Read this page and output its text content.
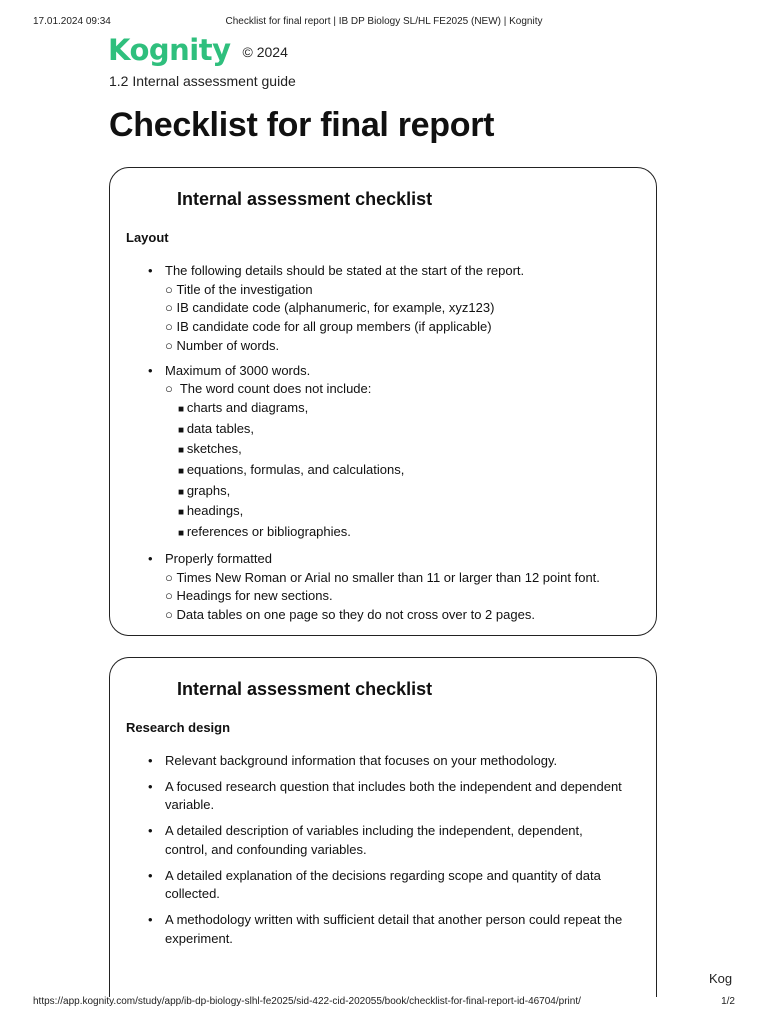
17.01.2024 09:34	Checklist for final report | IB DP Biology SL/HL FE2025 (NEW) | Kognity
Kognity © 2024
1.2 Internal assessment guide
Checklist for final report
Internal assessment checklist
Layout
• The following details should be stated at the start of the report.
○ Title of the investigation
○ IB candidate code (alphanumeric, for example, xyz123)
○ IB candidate code for all group members (if applicable)
○ Number of words.
• Maximum of 3000 words.
○ The word count does not include:
■ charts and diagrams,
■ data tables,
■ sketches,
■ equations, formulas, and calculations,
■ graphs,
■ headings,
■ references or bibliographies.
• Properly formatted
○ Times New Roman or Arial no smaller than 11 or larger than 12 point font.
○ Headings for new sections.
○ Data tables on one page so they do not cross over to 2 pages.
Internal assessment checklist
Research design
• Relevant background information that focuses on your methodology.
• A focused research question that includes both the independent and dependent variable.
• A detailed description of variables including the independent, dependent, control, and confounding variables.
• A detailed explanation of the decisions regarding scope and quantity of data collected.
• A methodology written with sufficient detail that another person could repeat the experiment.
Kog
https://app.kognity.com/study/app/ib-dp-biology-slhl-fe2025/sid-422-cid-202055/book/checklist-for-final-report-id-46704/print/	1/2
